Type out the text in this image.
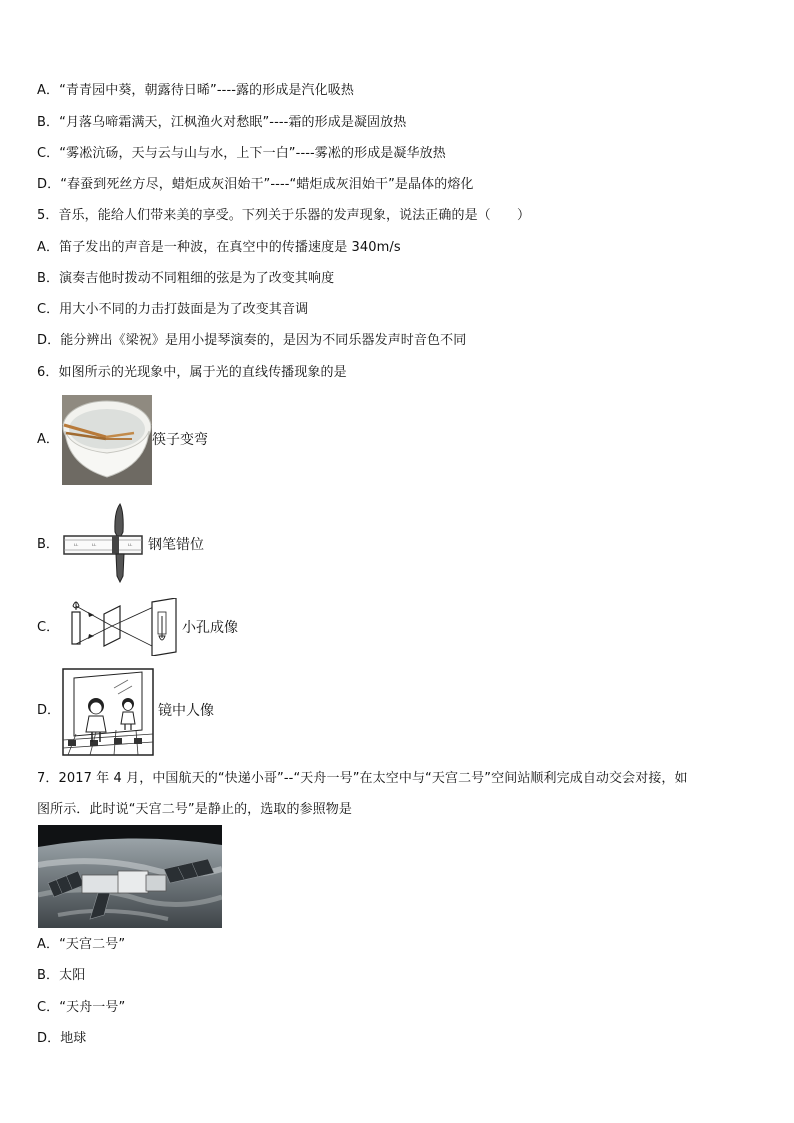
A．“青青园中葵，朝露待日晞”----露的形成是汽化吸热
B．“月落乌啼霜满天，江枫渔火对愁眠”----霜的形成是凝固放热
C．“雾凇沆砀，天与云与山与水，上下一白”----雾凇的形成是凝华放热
D．“春蚕到死丝方尽，蜡炬成灰泪始干”----“蜡炬成灰泪始干”是晶体的熔化
5．音乐，能给人们带来美的享受。下列关于乐器的发声现象，说法正确的是（　　）
A．笛子发出的声音是一种波，在真空中的传播速度是 340m/s
B．演奏吉他时拨动不同粗细的弦是为了改变其响度
C．用大小不同的力击打鼓面是为了改变其音调
D．能分辨出《梁祝》是用小提琴演奏的，是因为不同乐器发声时音色不同
6．如图所示的光现象中，属于光的直线传播现象的是
A．	筷子变弯
B．	ᴸᴸ ᴸᴸ	ᴸᴸ 钢笔错位
C．	小孔成像
D．	镜中人像
7．2017 年 4 月，中国航天的“快递小哥”--“天舟一号”在太空中与“天宫二号”空间站顺利完成自动交会对接，如
图所示．此时说“天宫二号”是静止的，选取的参照物是
A．“天宫二号”
B．太阳
C．“天舟一号”
D．地球
